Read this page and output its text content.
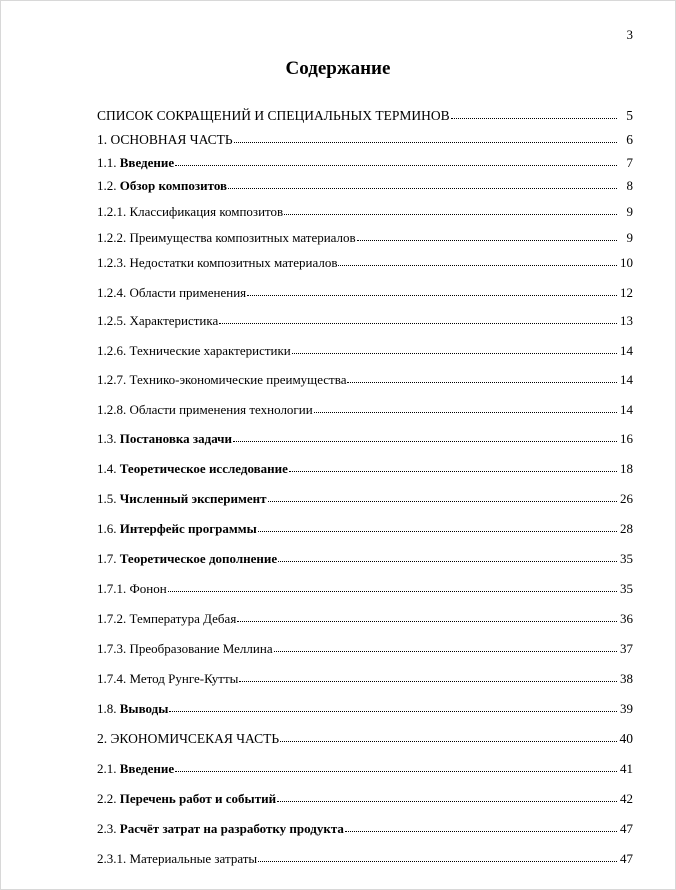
3
Содержание
СПИСОК СОКРАЩЕНИЙ И СПЕЦИАЛЬНЫХ ТЕРМИНОВ	5
1. ОСНОВНАЯ ЧАСТЬ	6
1.1. Введение	7
1.2. Обзор композитов	8
1.2.1. Классификация композитов	9
1.2.2. Преимущества композитных материалов	9
1.2.3. Недостатки композитных материалов	10
1.2.4. Области применения	12
1.2.5. Характеристика	13
1.2.6. Технические характеристики	14
1.2.7. Технико-экономические преимущества	14
1.2.8. Области применения технологии	14
1.3. Постановка задачи	16
1.4. Теоретическое исследование	18
1.5. Численный эксперимент	26
1.6. Интерфейс программы	28
1.7. Теоретическое дополнение	35
1.7.1. Фонон	35
1.7.2. Температура Дебая	36
1.7.3. Преобразование Меллина	37
1.7.4. Метод Рунге-Кутты	38
1.8. Выводы	39
2. ЭКОНОМИЧСЕКАЯ ЧАСТЬ	40
2.1. Введение	41
2.2. Перечень работ и событий	42
2.3. Расчёт затрат на разработку продукта	47
2.3.1. Материальные затраты	47
